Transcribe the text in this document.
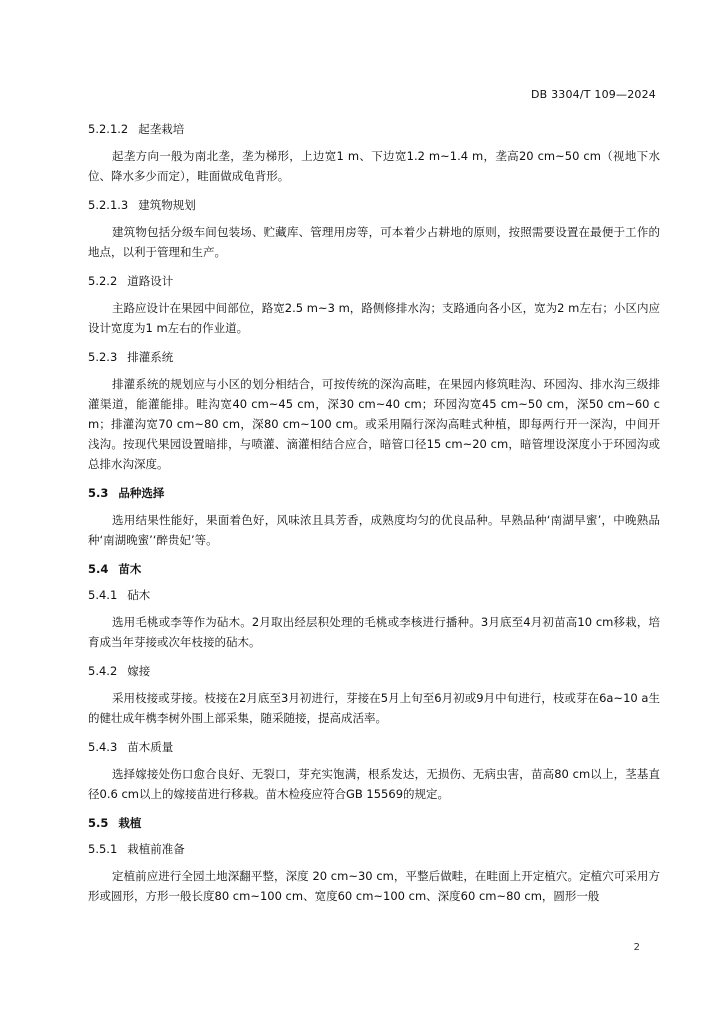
DB 3304/T 109—2024
5.2.1.2 起垄栽培

起垄方向一般为南北垄，垄为梯形，上边宽1 m、下边宽1.2 m~1.4 m，垄高20 cm~50 cm（视地下水位、降水多少而定），畦面做成龟背形。

5.2.1.3 建筑物规划

建筑物包括分级车间包装场、贮藏库、管理用房等，可本着少占耕地的原则，按照需要设置在最便于工作的地点，以利于管理和生产。

5.2.2 道路设计

主路应设计在果园中间部位，路宽2.5 m~3 m，路侧修排水沟；支路通向各小区，宽为2 m左右；小区内应设计宽度为1 m左右的作业道。

5.2.3 排灌系统

排灌系统的规划应与小区的划分相结合，可按传统的深沟高畦，在果园内修筑畦沟、环园沟、排水沟三级排灌渠道，能灌能排。畦沟宽40 cm~45 cm，深30 cm~40 cm；环园沟宽45 cm~50 cm，深50 cm~60 cm；排灌沟宽70 cm~80 cm，深80 cm~100 cm。或采用隔行深沟高畦式种植，即每两行开一深沟，中间开浅沟。按现代果园设置暗排，与喷灌、滴灌相结合应合，暗管口径15 cm~20 cm，暗管埋设深度小于环园沟或总排水沟深度。

5.3 品种选择

选用结果性能好，果面着色好，风味浓且具芳香，成熟度均匀的优良品种。早熟品种‘南湖早蜜’，中晚熟品种‘南湖晚蜜’‘醉贵妃’等。

5.4 苗木
5.4.1 砧木

选用毛桃或李等作为砧木。2月取出经层积处理的毛桃或李核进行播种。3月底至4月初苗高10 cm移栽，培育成当年芽接或次年枝接的砧木。

5.4.2 嫁接

采用枝接或芽接。枝接在2月底至3月初进行，芽接在5月上旬至6月初或9月中旬进行，枝或芽在6a~10 a生的健壮成年槜李树外围上部采集，随采随接，提高成活率。

5.4.3 苗木质量

选择嫁接处伤口愈合良好、无裂口，芽充实饱满，根系发达，无损伤、无病虫害，苗高80 cm以上，茎基直径0.6 cm以上的嫁接苗进行移栽。苗木检疫应符合GB 15569的规定。

5.5 栽植
5.5.1 栽植前准备

定植前应进行全园土地深翻平整，深度 20 cm~30 cm，平整后做畦，在畦面上开定植穴。定植穴可采用方形或圆形，方形一般长度80 cm~100 cm、宽度60 cm~100 cm、深度60 cm~80 cm，圆形一般

2
